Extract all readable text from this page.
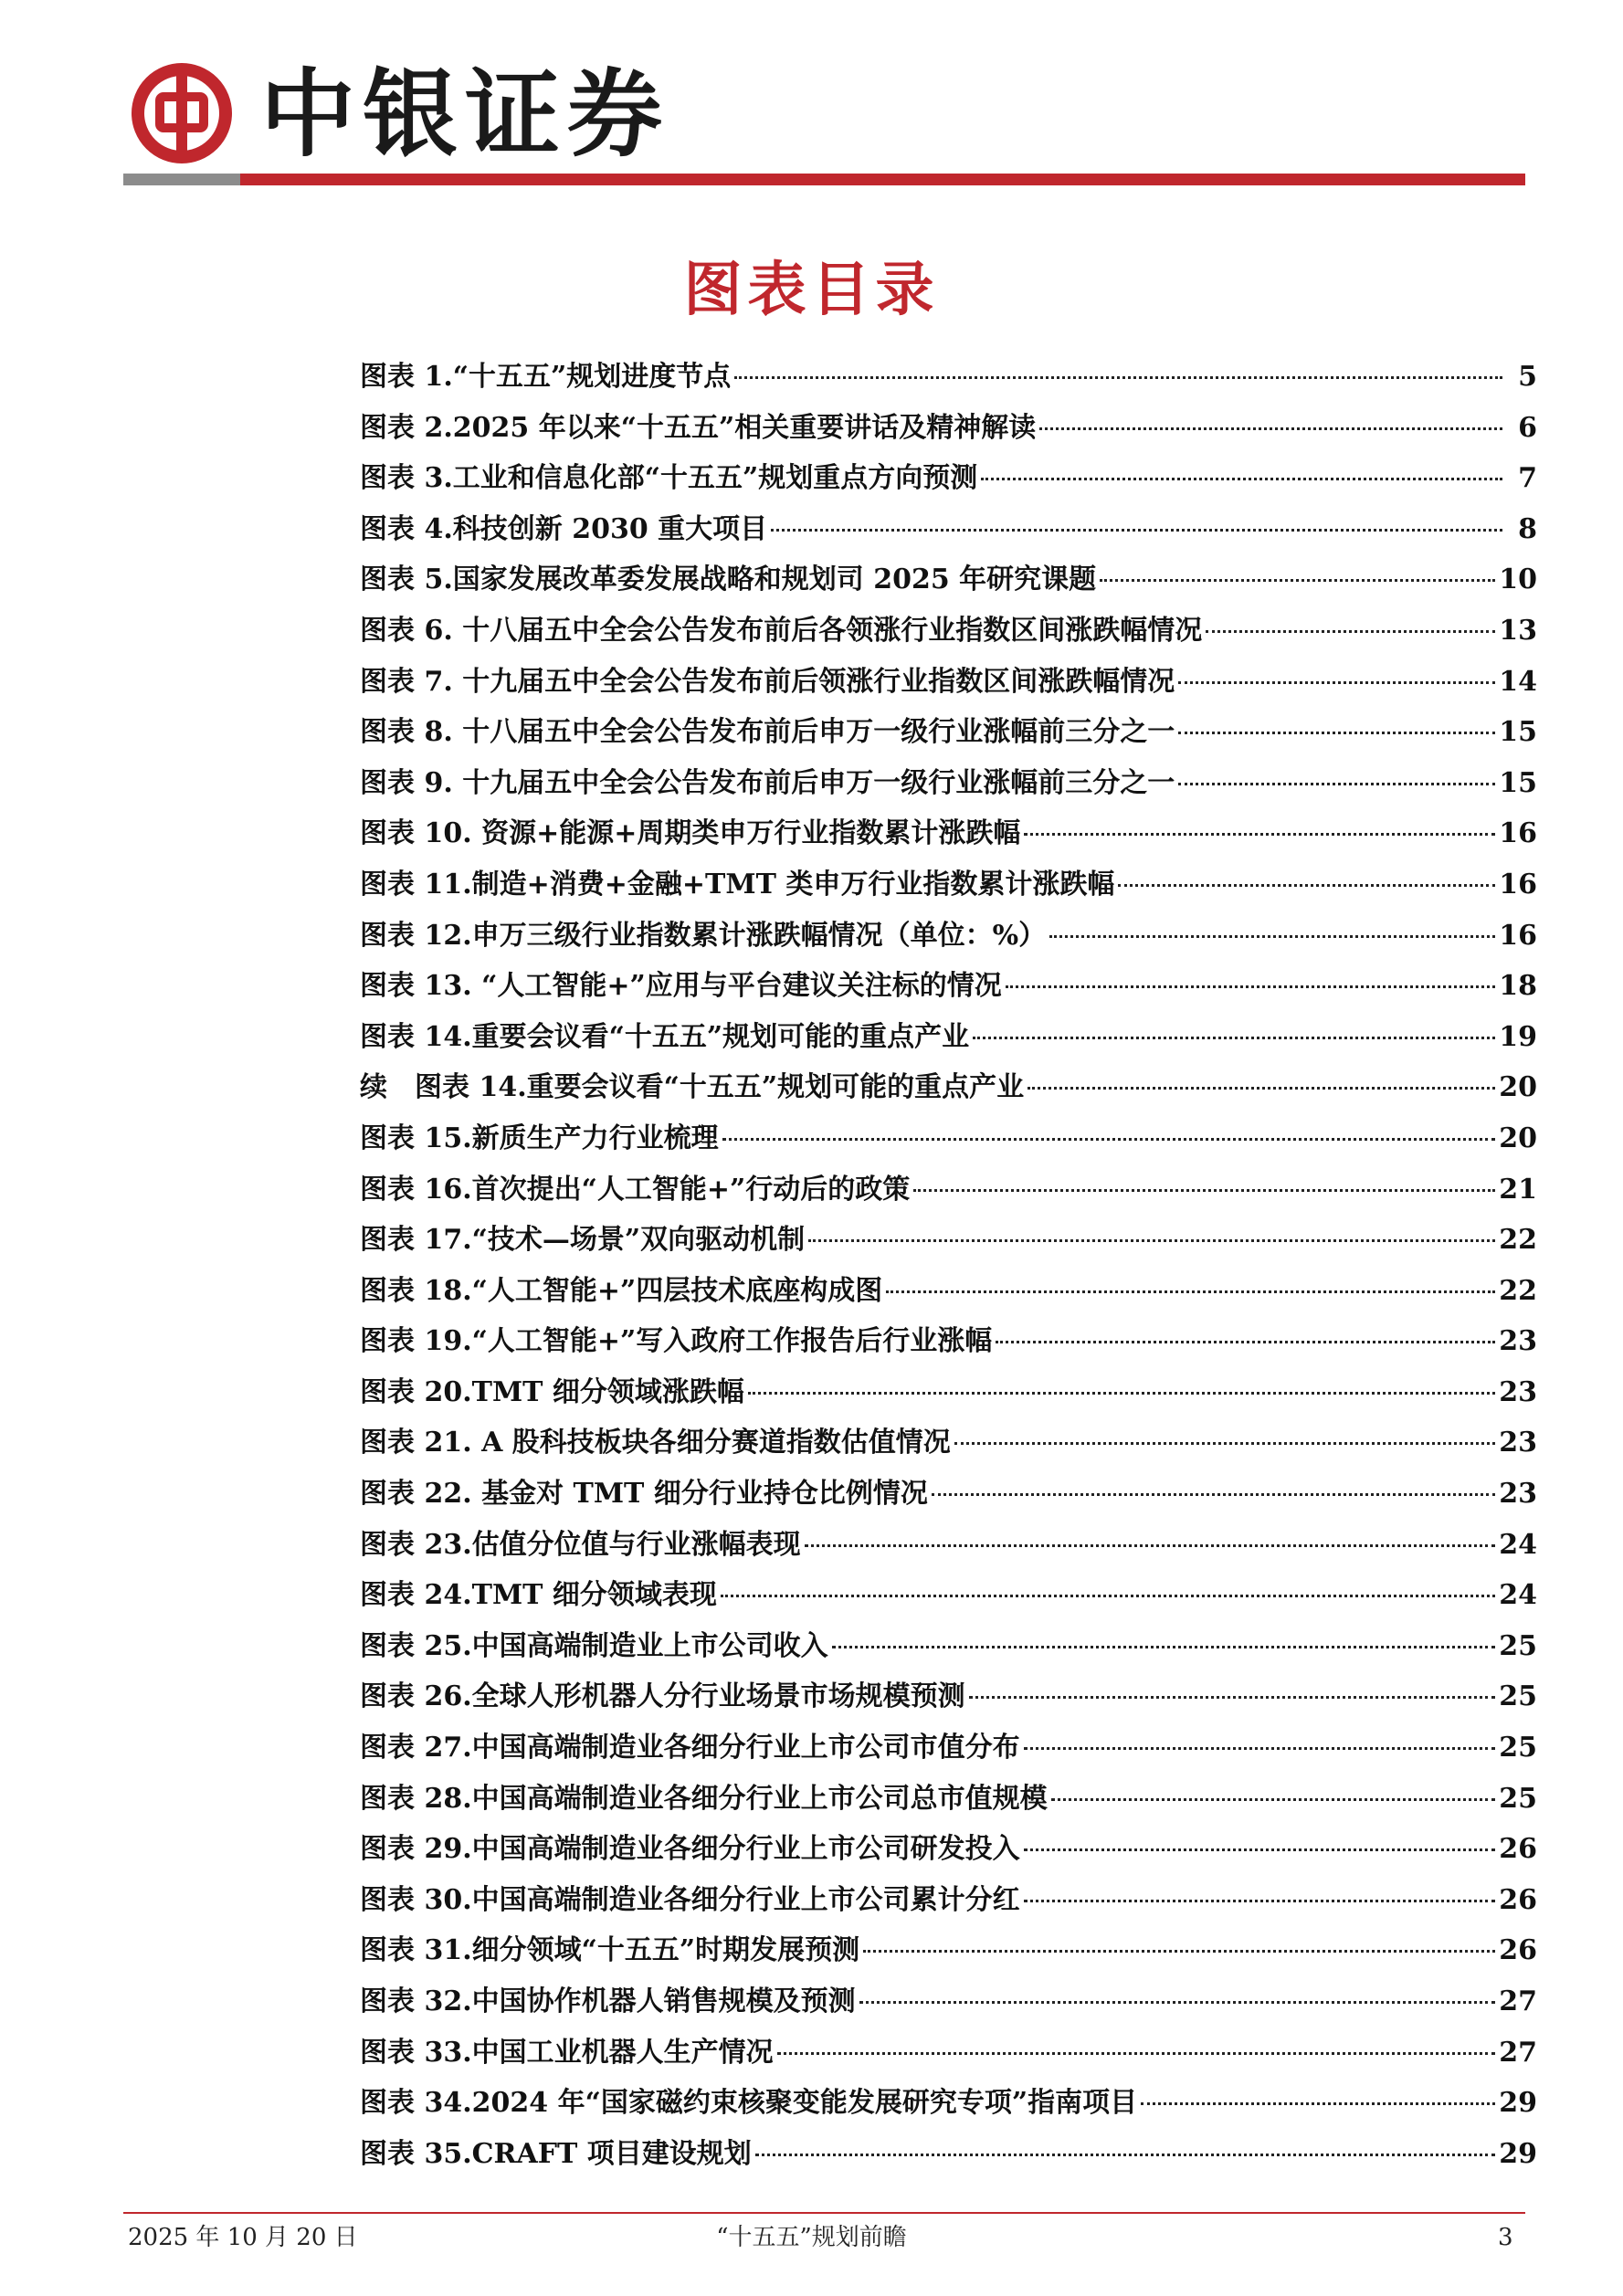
中银证券
图表目录
图表 1.“十五五”规划进度节点	5
图表 2.2025 年以来“十五五”相关重要讲话及精神解读	6
图表 3.工业和信息化部“十五五”规划重点方向预测	7
图表 4.科技创新 2030 重大项目	8
图表 5.国家发展改革委发展战略和规划司 2025 年研究课题	10
图表 6. 十八届五中全会公告发布前后各领涨行业指数区间涨跌幅情况	13
图表 7. 十九届五中全会公告发布前后领涨行业指数区间涨跌幅情况	14
图表 8. 十八届五中全会公告发布前后申万一级行业涨幅前三分之一	15
图表 9. 十九届五中全会公告发布前后申万一级行业涨幅前三分之一	15
图表 10. 资源+能源+周期类申万行业指数累计涨跌幅	16
图表 11.制造+消费+金融+TMT 类申万行业指数累计涨跌幅	16
图表 12.申万三级行业指数累计涨跌幅情况（单位：%）	16
图表 13. “人工智能+”应用与平台建议关注标的情况	18
图表 14.重要会议看“十五五”规划可能的重点产业	19
续　图表 14.重要会议看“十五五”规划可能的重点产业	20
图表 15.新质生产力行业梳理	20
图表 16.首次提出“人工智能+”行动后的政策	21
图表 17.“技术—场景”双向驱动机制	22
图表 18.“人工智能+”四层技术底座构成图	22
图表 19.“人工智能+”写入政府工作报告后行业涨幅	23
图表 20.TMT 细分领域涨跌幅	23
图表 21. A 股科技板块各细分赛道指数估值情况	23
图表 22. 基金对 TMT 细分行业持仓比例情况	23
图表 23.估值分位值与行业涨幅表现	24
图表 24.TMT 细分领域表现	24
图表 25.中国高端制造业上市公司收入	25
图表 26.全球人形机器人分行业场景市场规模预测	25
图表 27.中国高端制造业各细分行业上市公司市值分布	25
图表 28.中国高端制造业各细分行业上市公司总市值规模	25
图表 29.中国高端制造业各细分行业上市公司研发投入	26
图表 30.中国高端制造业各细分行业上市公司累计分红	26
图表 31.细分领域“十五五”时期发展预测	26
图表 32.中国协作机器人销售规模及预测	27
图表 33.中国工业机器人生产情况	27
图表 34.2024 年“国家磁约束核聚变能发展研究专项”指南项目	29
图表 35.CRAFT 项目建设规划	29
2025 年 10 月 20 日	“十五五”规划前瞻	3
